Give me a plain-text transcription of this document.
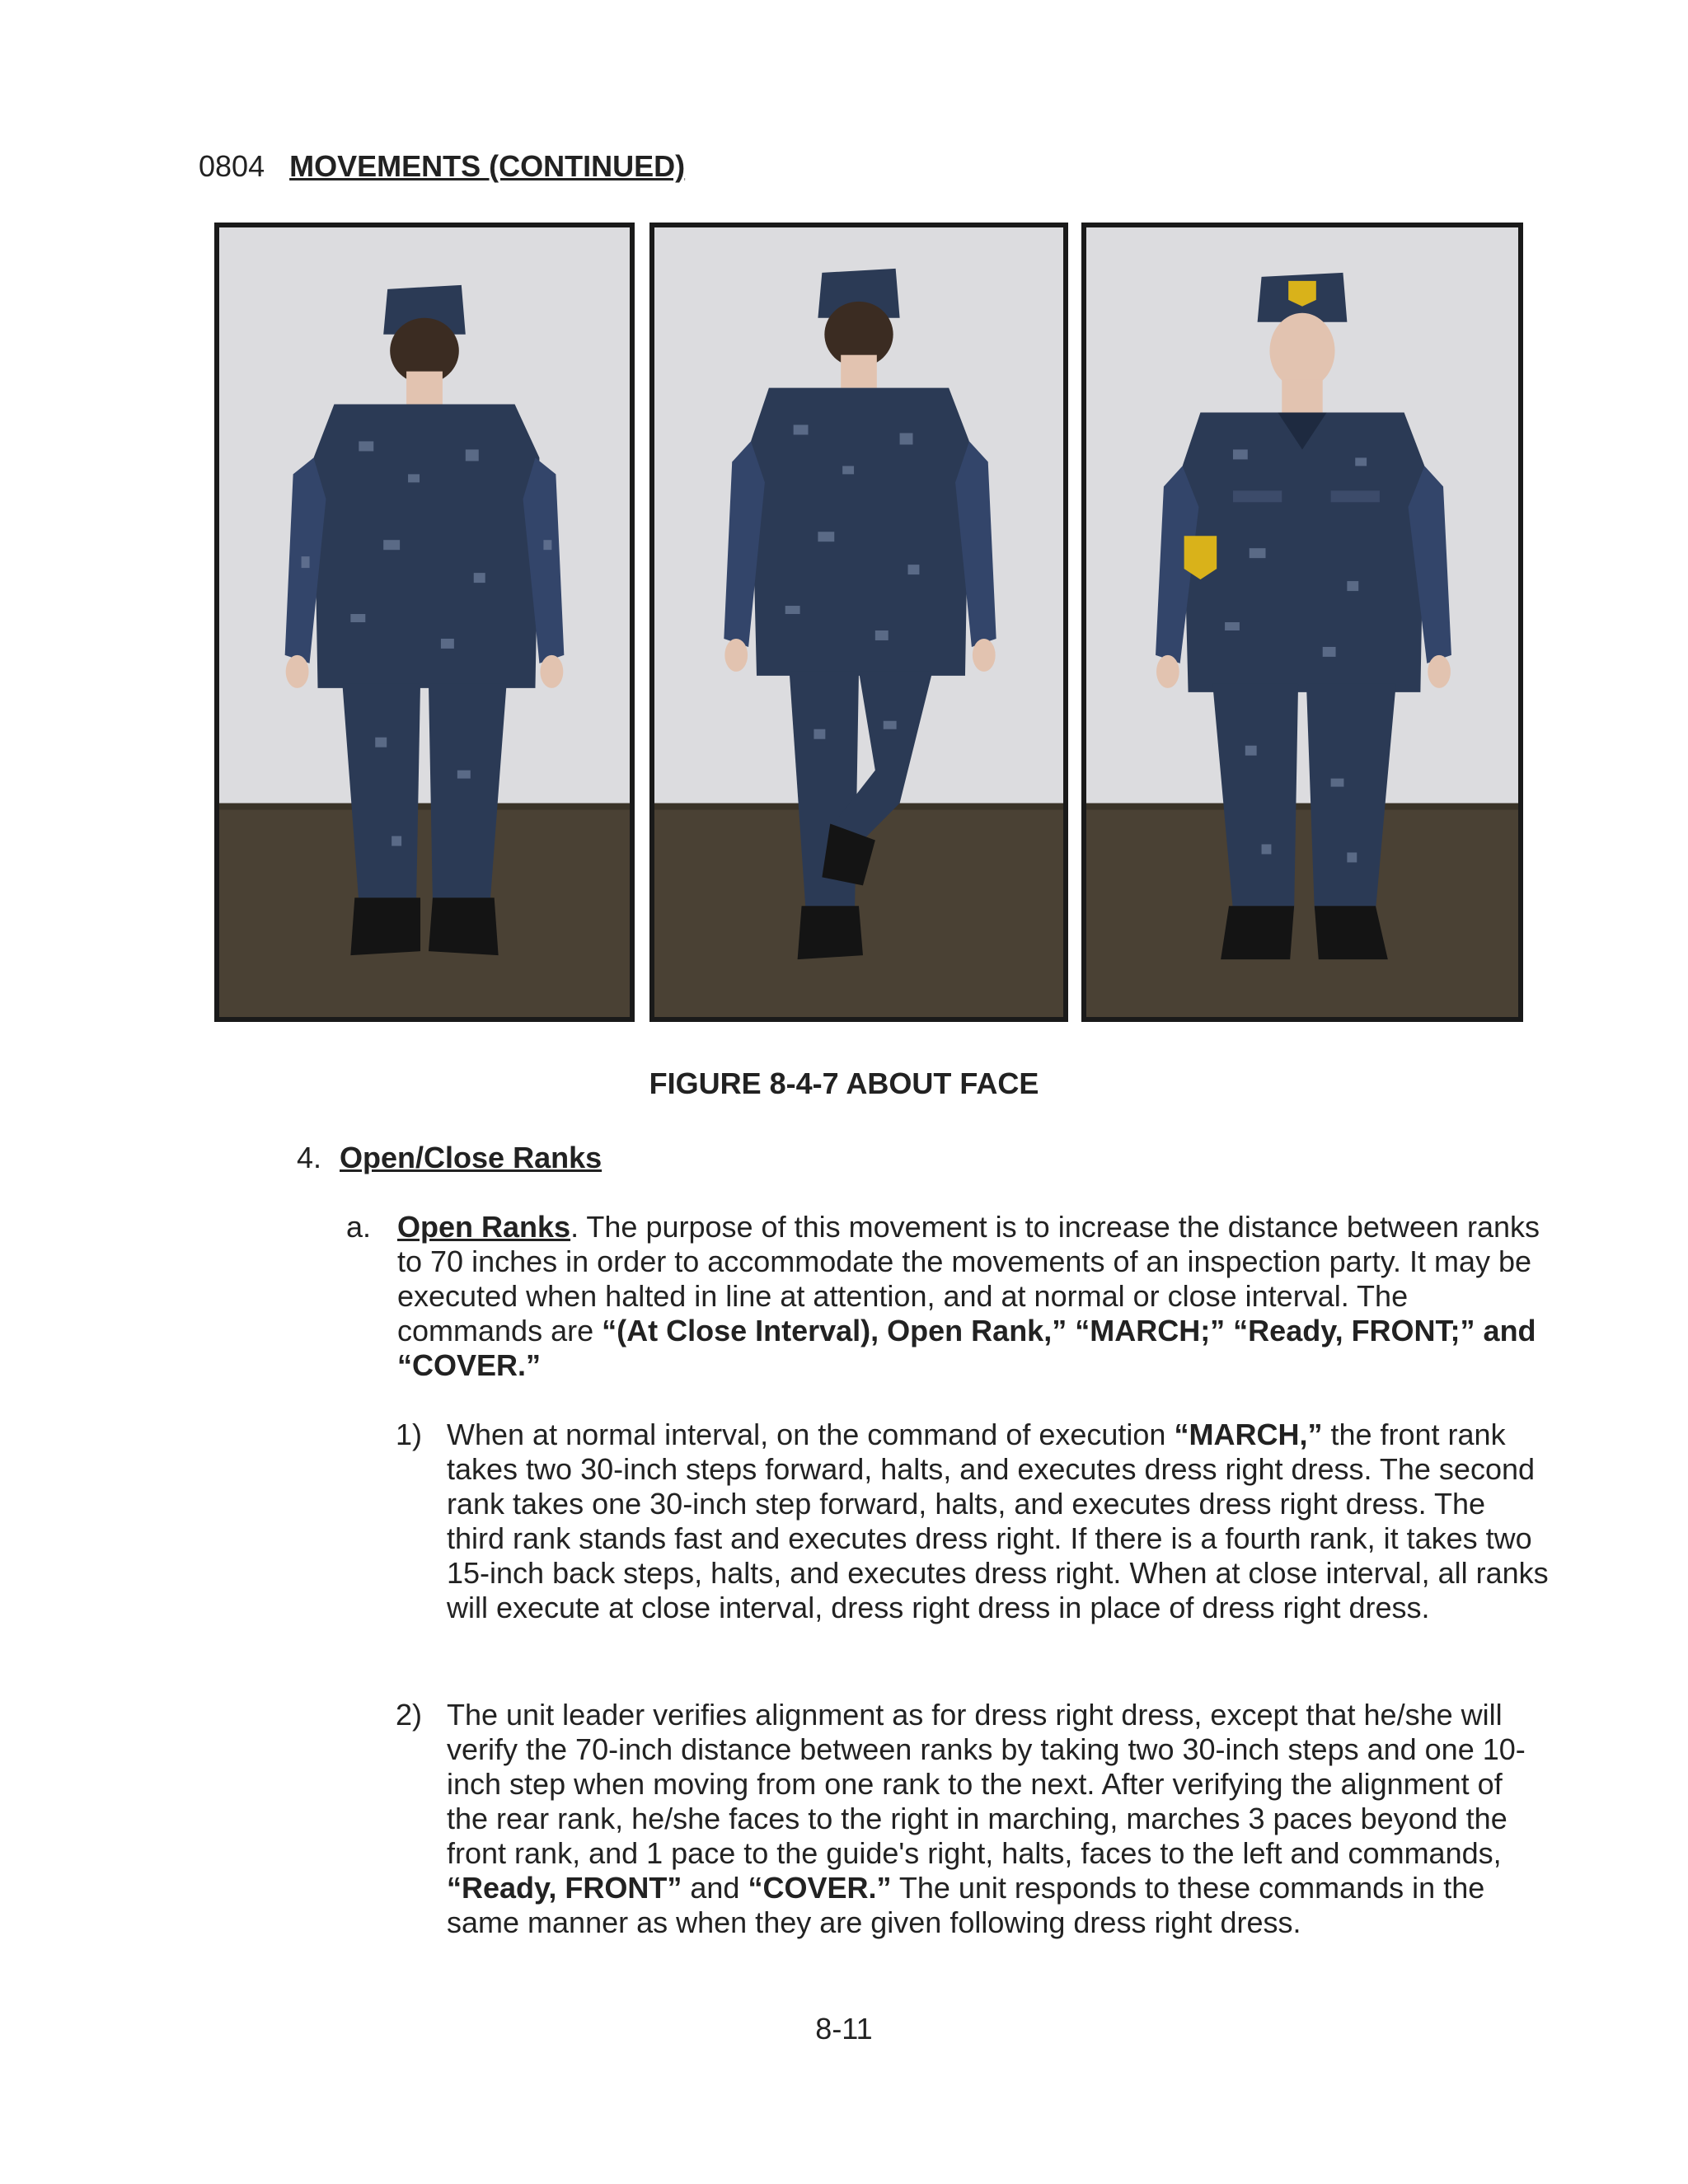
0804 MOVEMENTS (CONTINUED)
FIGURE 8-4-7 ABOUT FACE
4. Open/Close Ranks
a. Open Ranks. The purpose of this movement is to increase the distance between ranks to 70 inches in order to accommodate the movements of an inspection party. It may be executed when halted in line at attention, and at normal or close interval. The commands are “(At Close Interval), Open Rank,” “MARCH;” “Ready, FRONT;” and “COVER.”
1) When at normal interval, on the command of execution “MARCH,” the front rank takes two 30-inch steps forward, halts, and executes dress right dress. The second rank takes one 30-inch step forward, halts, and executes dress right dress. The third rank stands fast and executes dress right. If there is a fourth rank, it takes two 15-inch back steps, halts, and executes dress right. When at close interval, all ranks will execute at close interval, dress right dress in place of dress right dress.
2) The unit leader verifies alignment as for dress right dress, except that he/she will verify the 70-inch distance between ranks by taking two 30-inch steps and one 10-inch step when moving from one rank to the next. After verifying the alignment of the rear rank, he/she faces to the right in marching, marches 3 paces beyond the front rank, and 1 pace to the guide's right, halts, faces to the left and commands, “Ready, FRONT” and “COVER.” The unit responds to these commands in the same manner as when they are given following dress right dress.
8-11
